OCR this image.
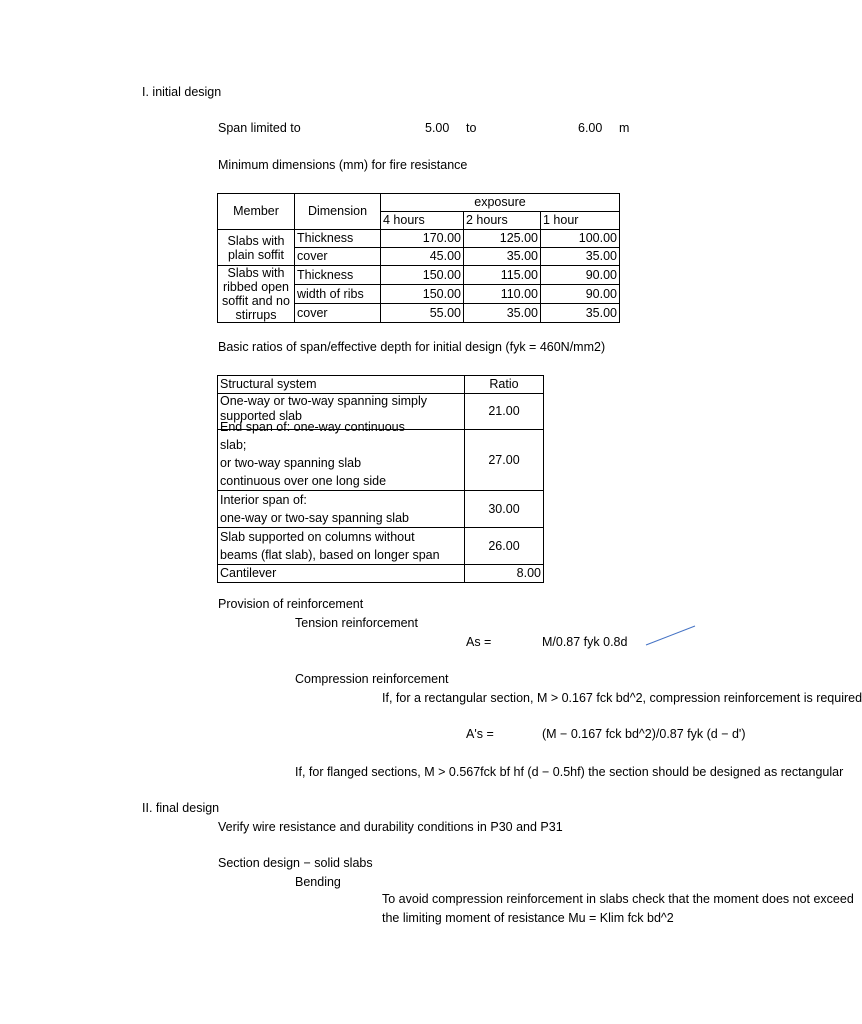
I. initial design
Span limited to	5.00 to	6.00 m
Minimum dimensions (mm) for fire resistance
Member	Dimension	exposure		
		4 hours	2 hours	1 hour
Slabs with plain soffit	Thickness	170.00	125.00	100.00
	cover	45.00	35.00	35.00
Slabs with ribbed open soffit and no stirrups	Thickness	150.00	115.00	90.00
	width of ribs	150.00	110.00	90.00
	cover	55.00	35.00	35.00
Basic ratios of span/effective depth for initial design (fyk = 460N/mm2)
Structural system	Ratio

One-way or two-way spanning simply
supported slab	21.00

End span of: one-way continuous
slab;
or two-way spanning slab
continuous over one long side	27.00

Interior span of:
one-way or two-say spanning slab	30.00

Slab supported on columns without
beams (flat slab), based on longer span	26.00
Cantilever	8.00
Provision of reinforcement
Tension reinforcement
As =	M/0.87 fyk 0.8d
Compression reinforcement
If, for a rectangular section, M > 0.167 fck bd^2, compression reinforcement is required
A's =	(M − 0.167 fck bd^2)/0.87 fyk (d − d')
If, for flanged sections, M > 0.567fck bf hf (d − 0.5hf) the section should be designed as rectangular
II. final design
Verify wire resistance and durability conditions in P30 and P31
Section design − solid slabs
Bending
To avoid compression reinforcement in slabs check that the moment does not exceed
the limiting moment of resistance Mu = Klim fck bd^2
